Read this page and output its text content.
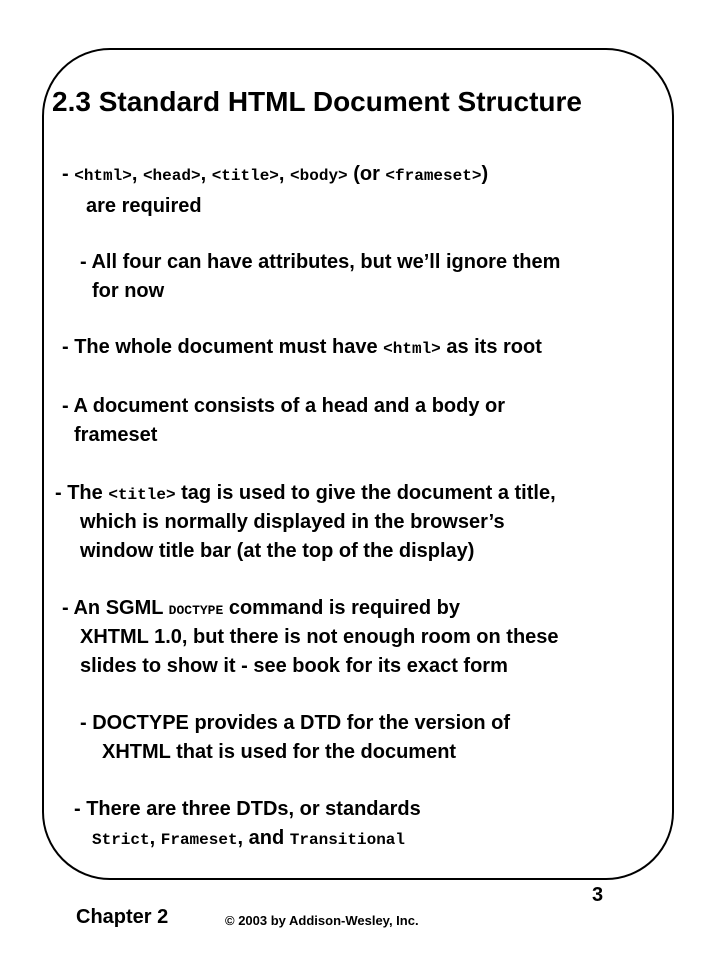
2.3 Standard HTML Document Structure

- <html>, <head>, <title>, <body> (or <frameset>)

are required

- All four can have attributes, but we’ll ignore them

for now

- The whole document must have <html> as its root

- A document consists of a head and a body or

frameset

- The <title> tag is used to give the document a title,

which is normally displayed in the browser’s

window title bar (at the top of the display)

- An SGML DOCTYPE command is required by

XHTML 1.0, but there is not enough room on these

slides to show it - see book for its exact form

- DOCTYPE provides a DTD for the version of

XHTML that is used for the document

- There are three DTDs, or standards

Strict, Frameset, and Transitional

Chapter 2	© 2003 by Addison-Wesley, Inc.
3
